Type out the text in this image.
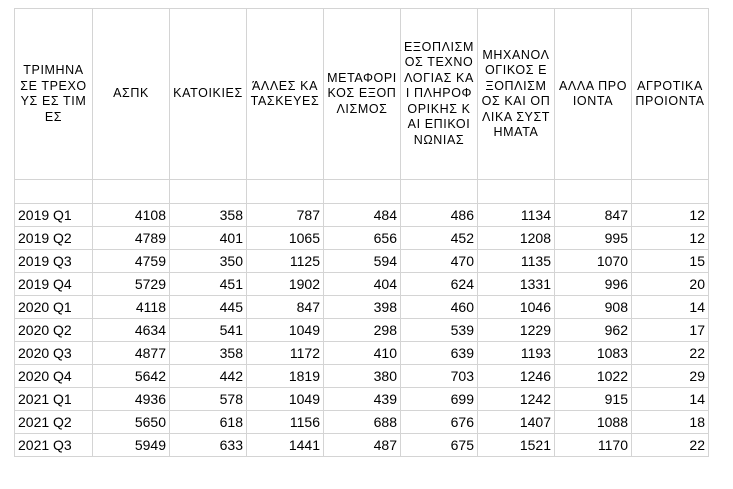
ΤΡΙΜΗΝΑ ΣΕ ΤΡΕΧΟΥΣ ΕΣ ΤΙΜΕΣ	ΑΣΠΚ	ΚΑΤΟΙΚΙΕΣ	ΆΛΛΕΣ ΚΑΤΑΣΚΕΥΕΣ	ΜΕΤΑΦΟΡΙΚΟΣ ΕΞΟΠΛΙΣΜΟΣ	ΕΞΟΠΛΙΣΜΟΣ ΤΕΧΝΟΛΟΓΙΑΣ ΚΑΙ ΠΛΗΡΟΦΟΡΙΚΗΣ ΚΑΙ ΕΠΙΚΟΙΝΩΝΙΑΣ	ΜΗΧΑΝΟΛΟΓΙΚΟΣ ΕΞΟΠΛΙΣΜΟΣ ΚΑΙ ΟΠΛΙΚΑ ΣΥΣΤΗΜΑΤΑ	ΑΛΛΑ ΠΡΟΙΟΝΤΑ	ΑΓΡΟΤΙΚΑ ΠΡΟΙΟΝΤΑ

2019 Q1	4108	358	787	484	486	1134	847	12
2019 Q2	4789	401	1065	656	452	1208	995	12
2019 Q3	4759	350	1125	594	470	1135	1070	15
2019 Q4	5729	451	1902	404	624	1331	996	20
2020 Q1	4118	445	847	398	460	1046	908	14
2020 Q2	4634	541	1049	298	539	1229	962	17
2020 Q3	4877	358	1172	410	639	1193	1083	22
2020 Q4	5642	442	1819	380	703	1246	1022	29
2021 Q1	4936	578	1049	439	699	1242	915	14
2021 Q2	5650	618	1156	688	676	1407	1088	18
2021 Q3	5949	633	1441	487	675	1521	1170	22
